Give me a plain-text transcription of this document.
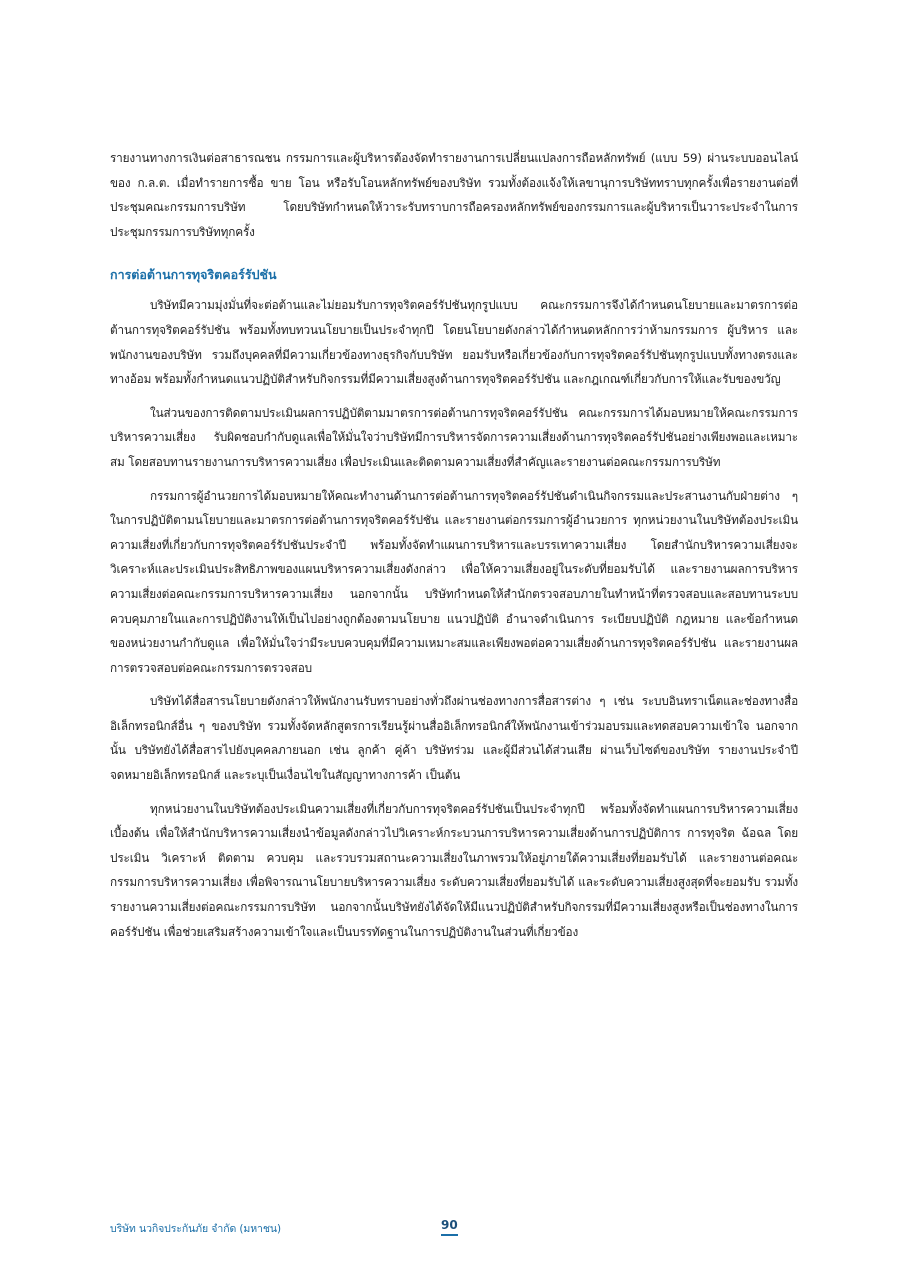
รายงานทางการเงินต่อสาธารณชน กรรมการและผู้บริหารต้องจัดทำรายงานการเปลี่ยนแปลงการถือหลักทรัพย์ (แบบ 59) ผ่านระบบออนไลน์ของ ก.ล.ต. เมื่อทำรายการซื้อ ขาย โอน หรือรับโอนหลักทรัพย์ของบริษัท รวมทั้งต้องแจ้งให้เลขานุการบริษัททราบทุกครั้งเพื่อรายงานต่อที่ประชุมคณะกรรมการบริษัท โดยบริษัทกำหนดให้วาระรับทราบการถือครองหลักทรัพย์ของกรรมการและผู้บริหารเป็นวาระประจำในการประชุมกรรมการบริษัททุกครั้ง

การต่อต้านการทุจริตคอร์รัปชัน

บริษัทมีความมุ่งมั่นที่จะต่อต้านและไม่ยอมรับการทุจริตคอร์รัปชันทุกรูปแบบ คณะกรรมการจึงได้กำหนดนโยบายและมาตรการต่อต้านการทุจริตคอร์รัปชัน พร้อมทั้งทบทวนนโยบายเป็นประจำทุกปี โดยนโยบายดังกล่าวได้กำหนดหลักการว่าห้ามกรรมการ ผู้บริหาร และพนักงานของบริษัท รวมถึงบุคคลที่มีความเกี่ยวข้องทางธุรกิจกับบริษัท ยอมรับหรือเกี่ยวข้องกับการทุจริตคอร์รัปชันทุกรูปแบบทั้งทางตรงและทางอ้อม พร้อมทั้งกำหนดแนวปฏิบัติสำหรับกิจกรรมที่มีความเสี่ยงสูงด้านการทุจริตคอร์รัปชัน และกฎเกณฑ์เกี่ยวกับการให้และรับของขวัญ

ในส่วนของการติดตามประเมินผลการปฏิบัติตามมาตรการต่อต้านการทุจริตคอร์รัปชัน คณะกรรมการได้มอบหมายให้คณะกรรมการบริหารความเสี่ยง รับผิดชอบกำกับดูแลเพื่อให้มั่นใจว่าบริษัทมีการบริหารจัดการความเสี่ยงด้านการทุจริตคอร์รัปชันอย่างเพียงพอและเหมาะสม โดยสอบทานรายงานการบริหารความเสี่ยง เพื่อประเมินและติดตามความเสี่ยงที่สำคัญและรายงานต่อคณะกรรมการบริษัท

กรรมการผู้อำนวยการได้มอบหมายให้คณะทำงานด้านการต่อต้านการทุจริตคอร์รัปชันดำเนินกิจกรรมและประสานงานกับฝ่ายต่าง ๆ ในการปฏิบัติตามนโยบายและมาตรการต่อต้านการทุจริตคอร์รัปชัน และรายงานต่อกรรมการผู้อำนวยการ ทุกหน่วยงานในบริษัทต้องประเมินความเสี่ยงที่เกี่ยวกับการทุจริตคอร์รัปชันประจำปี พร้อมทั้งจัดทำแผนการบริหารและบรรเทาความเสี่ยง โดยสำนักบริหารความเสี่ยงจะวิเคราะห์และประเมินประสิทธิภาพของแผนบริหารความเสี่ยงดังกล่าว เพื่อให้ความเสี่ยงอยู่ในระดับที่ยอมรับได้ และรายงานผลการบริหารความเสี่ยงต่อคณะกรรมการบริหารความเสี่ยง นอกจากนั้น บริษัทกำหนดให้สำนักตรวจสอบภายในทำหน้าที่ตรวจสอบและสอบทานระบบควบคุมภายในและการปฏิบัติงานให้เป็นไปอย่างถูกต้องตามนโยบาย แนวปฏิบัติ อำนาจดำเนินการ ระเบียบปฏิบัติ กฎหมาย และข้อกำหนดของหน่วยงานกำกับดูแล เพื่อให้มั่นใจว่ามีระบบควบคุมที่มีความเหมาะสมและเพียงพอต่อความเสี่ยงด้านการทุจริตคอร์รัปชัน และรายงานผลการตรวจสอบต่อคณะกรรมการตรวจสอบ

บริษัทได้สื่อสารนโยบายดังกล่าวให้พนักงานรับทราบอย่างทั่วถึงผ่านช่องทางการสื่อสารต่าง ๆ เช่น ระบบอินทราเน็ตและช่องทางสื่ออิเล็กทรอนิกส์อื่น ๆ ของบริษัท รวมทั้งจัดหลักสูตรการเรียนรู้ผ่านสื่ออิเล็กทรอนิกส์ให้พนักงานเข้าร่วมอบรมและทดสอบความเข้าใจ นอกจากนั้น บริษัทยังได้สื่อสารไปยังบุคคลภายนอก เช่น ลูกค้า คู่ค้า บริษัทร่วม และผู้มีส่วนได้ส่วนเสีย ผ่านเว็บไซต์ของบริษัท รายงานประจำปี จดหมายอิเล็กทรอนิกส์ และระบุเป็นเงื่อนไขในสัญญาทางการค้า เป็นต้น

ทุกหน่วยงานในบริษัทต้องประเมินความเสี่ยงที่เกี่ยวกับการทุจริตคอร์รัปชันเป็นประจำทุกปี พร้อมทั้งจัดทำแผนการบริหารความเสี่ยงเบื้องต้น เพื่อให้สำนักบริหารความเสี่ยงนำข้อมูลดังกล่าวไปวิเคราะห์กระบวนการบริหารความเสี่ยงด้านการปฏิบัติการ การทุจริต ฉ้อฉล โดยประเมิน วิเคราะห์ ติดตาม ควบคุม และรวบรวมสถานะความเสี่ยงในภาพรวมให้อยู่ภายใต้ความเสี่ยงที่ยอมรับได้ และรายงานต่อคณะกรรมการบริหารความเสี่ยง เพื่อพิจารณานโยบายบริหารความเสี่ยง ระดับความเสี่ยงที่ยอมรับได้ และระดับความเสี่ยงสูงสุดที่จะยอมรับ รวมทั้งรายงานความเสี่ยงต่อคณะกรรมการบริษัท นอกจากนั้นบริษัทยังได้จัดให้มีแนวปฏิบัติสำหรับกิจกรรมที่มีความเสี่ยงสูงหรือเป็นช่องทางในการคอร์รัปชัน เพื่อช่วยเสริมสร้างความเข้าใจและเป็นบรรทัดฐานในการปฏิบัติงานในส่วนที่เกี่ยวข้อง

บริษัท นวกิจประกันภัย จำกัด (มหาชน)	90
